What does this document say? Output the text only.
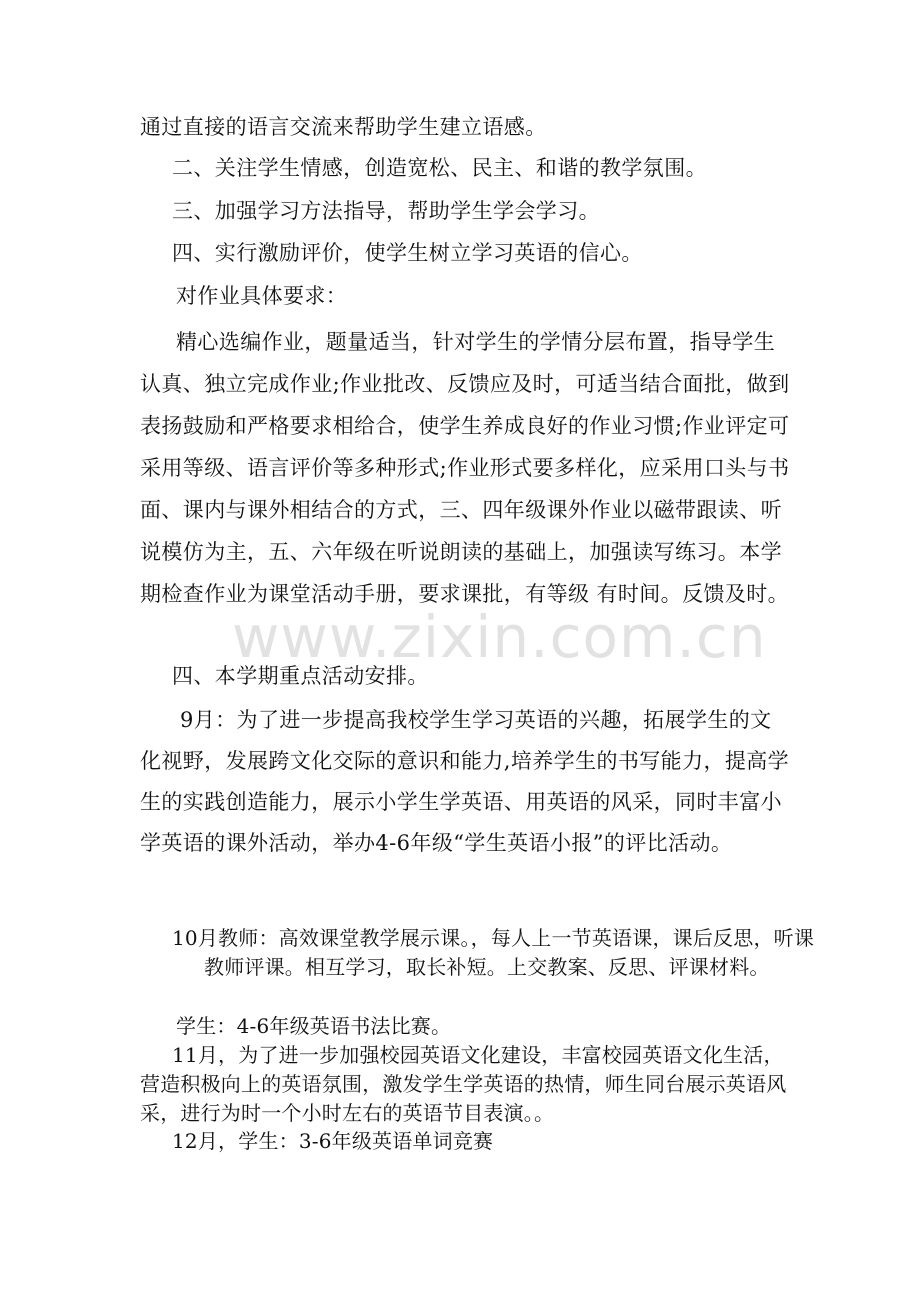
通过直接的语言交流来帮助学生建立语感。
二、关注学生情感，创造宽松、民主、和谐的教学氛围。
三、加强学习方法指导，帮助学生学会学习。
四、实行激励评价，使学生树立学习英语的信心。
对作业具体要求：
精心选编作业，题量适当，针对学生的学情分层布置，指导学生认真、独立完成作业;作业批改、反馈应及时，可适当结合面批，做到表扬鼓励和严格要求相给合，使学生养成良好的作业习惯;作业评定可采用等级、语言评价等多种形式;作业形式要多样化，应采用口头与书面、课内与课外相结合的方式，三、四年级课外作业以磁带跟读、听说模仿为主，五、六年级在听说朗读的基础上，加强读写练习。本学期检查作业为课堂活动手册，要求课批，有等级 有时间。反馈及时。
四、本学期重点活动安排。
9月：为了进一步提高我校学生学习英语的兴趣，拓展学生的文化视野，发展跨文化交际的意识和能力,培养学生的书写能力，提高学生的实践创造能力，展示小学生学英语、用英语的风采，同时丰富小学英语的课外活动，举办4-6年级“学生英语小报”的评比活动。
10月教师：高效课堂教学展示课。，每人上一节英语课，课后反思，听课教师评课。相互学习，取长补短。上交教案、反思、评课材料。
学生：4-6年级英语书法比赛。
11月，为了进一步加强校园英语文化建设，丰富校园英语文化生活，营造积极向上的英语氛围，激发学生学英语的热情，师生同台展示英语风采，进行为时一个小时左右的英语节目表演。。
12月，学生：3-6年级英语单词竞赛
www.zixin.com.cn
